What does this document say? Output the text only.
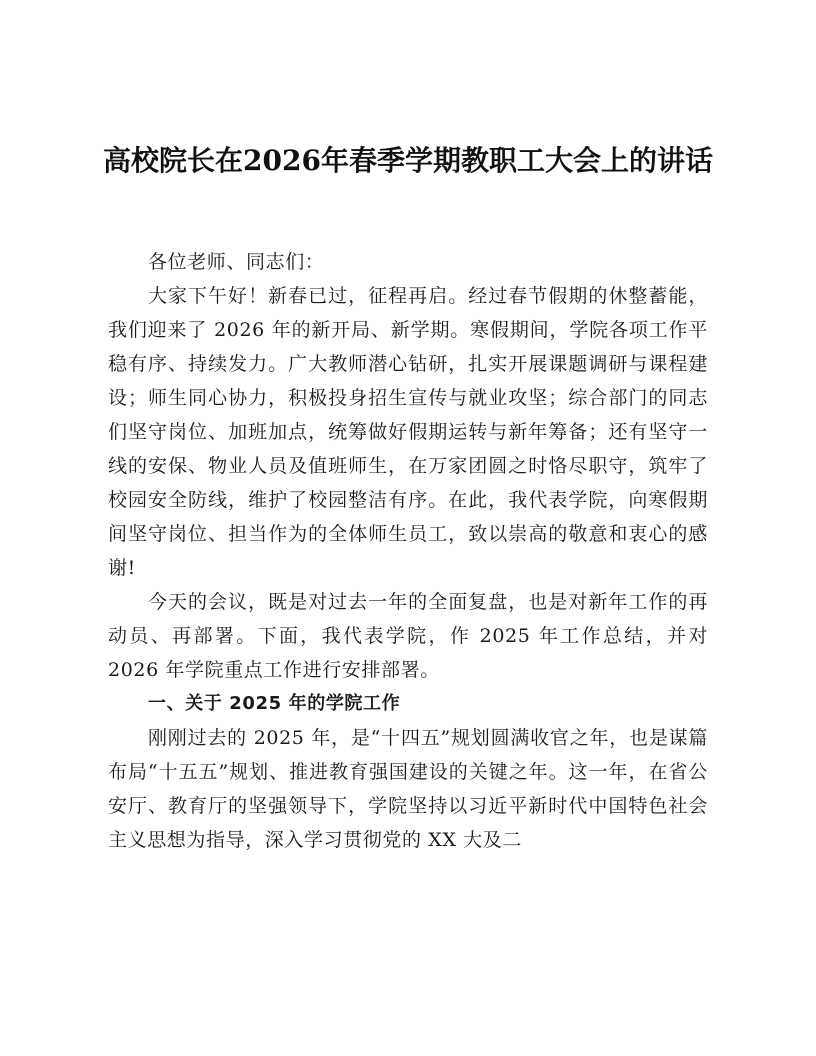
高校院长在2026年春季学期教职工大会上的讲话

各位老师、同志们：

大家下午好！新春已过，征程再启。经过春节假期的休整蓄能，我们迎来了 2026 年的新开局、新学期。寒假期间，学院各项工作平稳有序、持续发力。广大教师潜心钻研，扎实开展课题调研与课程建设；师生同心协力，积极投身招生宣传与就业攻坚；综合部门的同志们坚守岗位、加班加点，统筹做好假期运转与新年筹备；还有坚守一线的安保、物业人员及值班师生，在万家团圆之时恪尽职守，筑牢了校园安全防线，维护了校园整洁有序。在此，我代表学院，向寒假期间坚守岗位、担当作为的全体师生员工，致以崇高的敬意和衷心的感谢!

今天的会议，既是对过去一年的全面复盘，也是对新年工作的再动员、再部署。下面，我代表学院，作 2025 年工作总结，并对 2026 年学院重点工作进行安排部署。

一、关于 2025 年的学院工作

刚刚过去的 2025 年，是“十四五”规划圆满收官之年，也是谋篇布局“十五五”规划、推进教育强国建设的关键之年。这一年，在省公安厅、教育厅的坚强领导下，学院坚持以习近平新时代中国特色社会主义思想为指导，深入学习贯彻党的 XX 大及二
